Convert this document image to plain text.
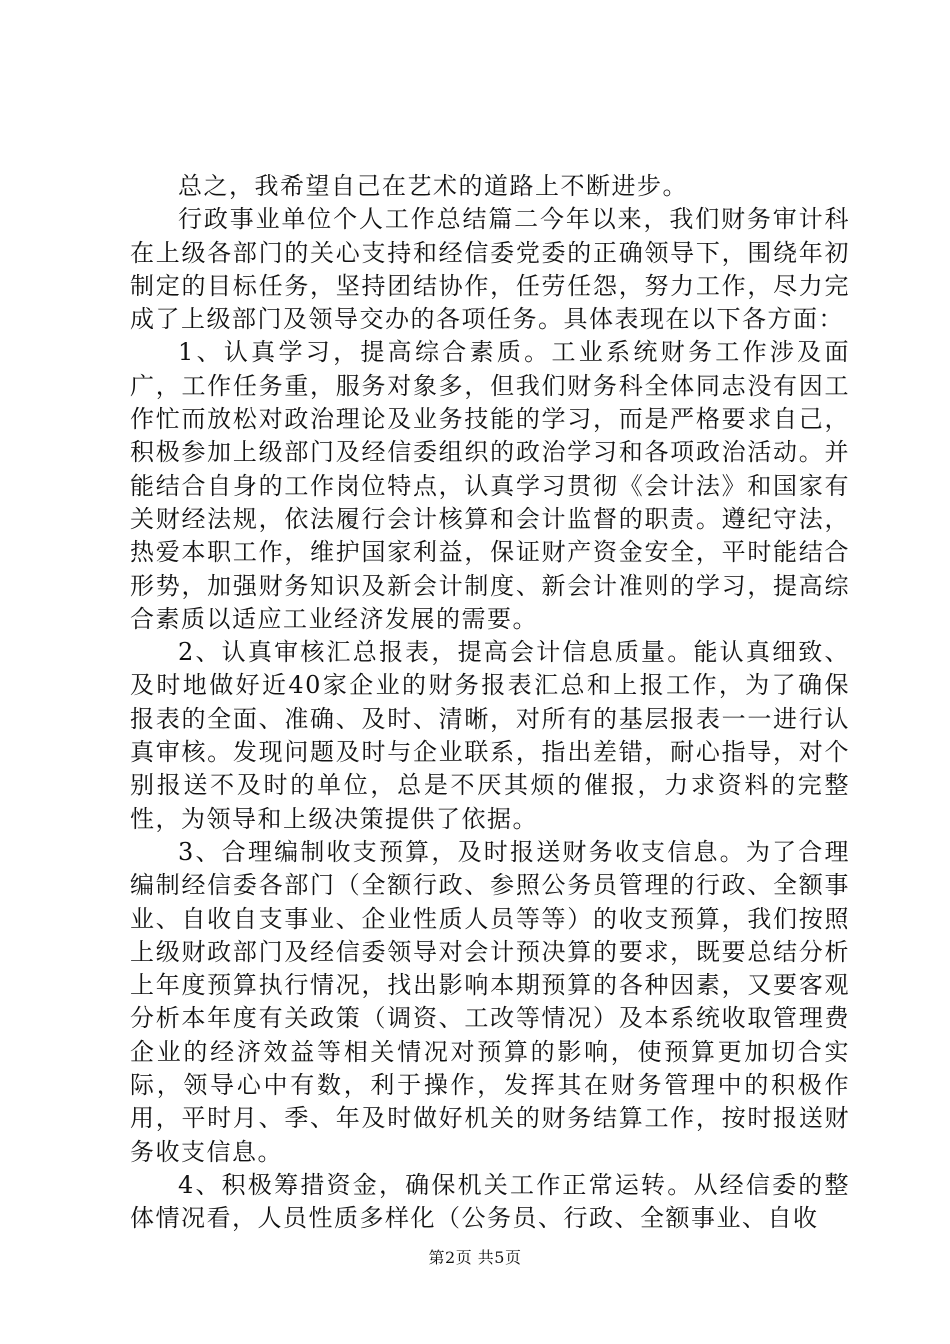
总之，我希望自己在艺术的道路上不断进步。

行政事业单位个人工作总结篇二今年以来，我们财务审计科在上级各部门的关心支持和经信委党委的正确领导下，围绕年初制定的目标任务，坚持团结协作，任劳任怨，努力工作，尽力完成了上级部门及领导交办的各项任务。具体表现在以下各方面：

1、认真学习，提高综合素质。工业系统财务工作涉及面广，工作任务重，服务对象多，但我们财务科全体同志没有因工作忙而放松对政治理论及业务技能的学习，而是严格要求自己，积极参加上级部门及经信委组织的政治学习和各项政治活动。并能结合自身的工作岗位特点，认真学习贯彻《会计法》和国家有关财经法规，依法履行会计核算和会计监督的职责。遵纪守法，热爱本职工作，维护国家利益，保证财产资金安全，平时能结合形势，加强财务知识及新会计制度、新会计准则的学习，提高综合素质以适应工业经济发展的需要。

2、认真审核汇总报表，提高会计信息质量。能认真细致、及时地做好近40家企业的财务报表汇总和上报工作，为了确保报表的全面、准确、及时、清晰，对所有的基层报表一一进行认真审核。发现问题及时与企业联系，指出差错，耐心指导，对个别报送不及时的单位，总是不厌其烦的催报，力求资料的完整性，为领导和上级决策提供了依据。

3、合理编制收支预算，及时报送财务收支信息。为了合理编制经信委各部门（全额行政、参照公务员管理的行政、全额事业、自收自支事业、企业性质人员等等）的收支预算，我们按照上级财政部门及经信委领导对会计预决算的要求，既要总结分析上年度预算执行情况，找出影响本期预算的各种因素，又要客观分析本年度有关政策（调资、工改等情况）及本系统收取管理费企业的经济效益等相关情况对预算的影响，使预算更加切合实际，领导心中有数，利于操作，发挥其在财务管理中的积极作用，平时月、季、年及时做好机关的财务结算工作，按时报送财务收支信息。

4、积极筹措资金，确保机关工作正常运转。从经信委的整体情况看，人员性质多样化（公务员、行政、全额事业、自收

第2页 共5页
